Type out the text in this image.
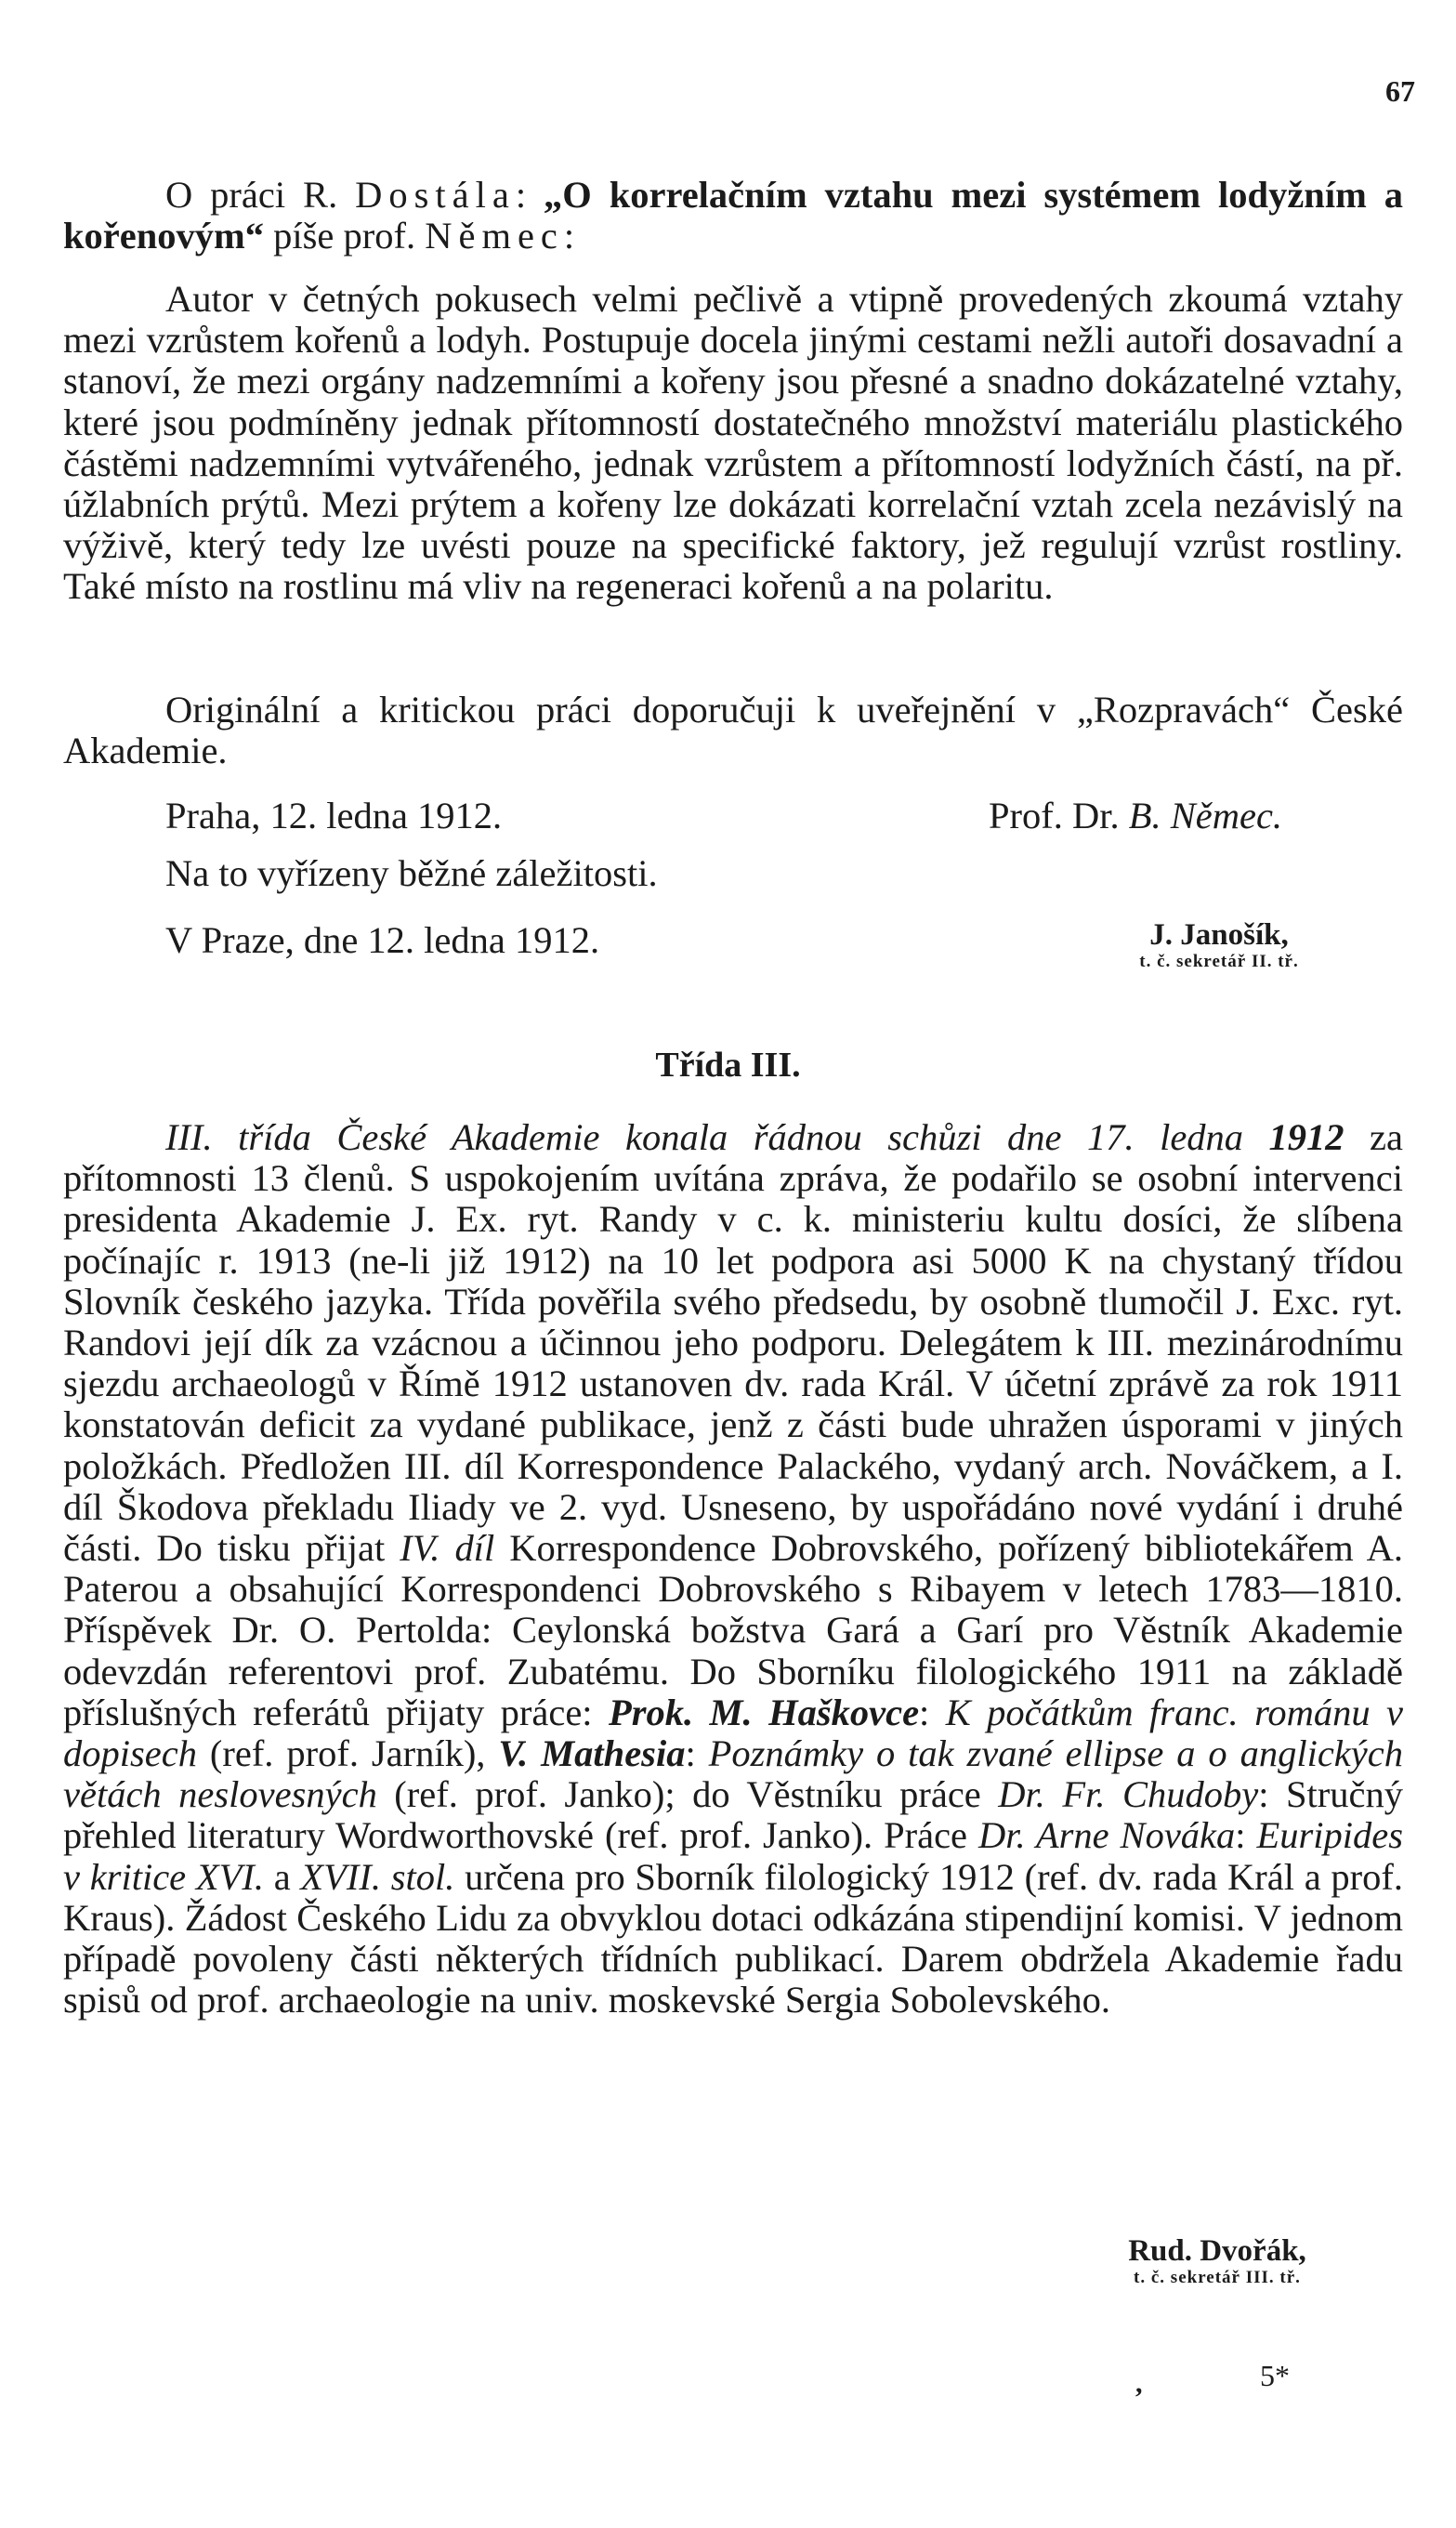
67

O práci R. Dostála: „O korrelačním vztahu mezi systémem lodyžním a kořenovým“ píše prof. Němec:

Autor v četných pokusech velmi pečlivě a vtipně provedených zkoumá vztahy mezi vzrůstem kořenů a lodyh. Postupuje docela jinými cestami nežli autoři dosavadní a stanoví, že mezi orgány nadzemními a kořeny jsou přesné a snadno dokázatelné vztahy, které jsou podmíněny jednak přítomností dostatečného množství materiálu plastického částěmi nadzemními vytvářeného, jednak vzrůstem a přítomností lodyžních částí, na př. úžlabních prýtů. Mezi prýtem a kořeny lze dokázati korrelační vztah zcela nezávislý na výživě, který tedy lze uvésti pouze na specifické faktory, jež regulují vzrůst rostliny. Také místo na rostlinu má vliv na regeneraci kořenů a na polaritu.

Originální a kritickou práci doporučuji k uveřejnění v „Rozpravách“ České Akademie.

Praha, 12. ledna 1912.	Prof. Dr. B. Němec.
Na to vyřízeny běžné záležitosti.
V Praze, dne 12. ledna 1912.	J. Janošík,
t. č. sekretář II. tř.
Třída III.

III. třída České Akademie konala řádnou schůzi dne 17. ledna 1912 za přítomnosti 13 členů. S uspokojením uvítána zpráva, že podařilo se osobní intervenci presidenta Akademie J. Ex. ryt. Randy v c. k. ministeriu kultu dosíci, že slíbena počínajíc r. 1913 (ne-li již 1912) na 10 let podpora asi 5000 K na chystaný třídou Slovník českého jazyka. Třída pověřila svého předsedu, by osobně tlumočil J. Exc. ryt. Randovi její dík za vzácnou a účinnou jeho podporu. Delegátem k III. mezinárodnímu sjezdu archaeologů v Římě 1912 ustanoven dv. rada Král. V účetní zprávě za rok 1911 konstatován deficit za vydané publikace, jenž z části bude uhražen úsporami v jiných položkách. Předložen III. díl Korrespondence Palackého, vydaný arch. Nováčkem, a I. díl Škodova překladu Iliady ve 2. vyd. Usneseno, by uspořádáno nové vydání i druhé části. Do tisku přijat IV. díl Korrespondence Dobrovského, pořízený bibliotekářem A. Paterou a obsahující Korrespondenci Dobrovského s Ribayem v letech 1783—1810. Příspěvek Dr. O. Pertolda: Ceylonská božstva Gará a Garí pro Věstník Akademie odevzdán referentovi prof. Zubatému. Do Sborníku filologického 1911 na základě příslušných referátů přijaty práce: Prok. M. Haškovce: K počátkům franc. románu v dopisech (ref. prof. Jarník), V. Mathesia: Poznámky o tak zvané ellipse a o anglických větách neslovesných (ref. prof. Janko); do Věstníku práce Dr. Fr. Chudoby: Stručný přehled literatury Wordworthovské (ref. prof. Janko). Práce Dr. Arne Nováka: Euripides v kritice XVI. a XVII. stol. určena pro Sborník filologický 1912 (ref. dv. rada Král a prof. Kraus). Žádost Českého Lidu za obvyklou dotaci odkázána stipendijní komisi. V jednom případě povoleny části některých třídních publikací. Darem obdržela Akademie řadu spisů od prof. archaeologie na univ. moskevské Sergia Sobolevského.

Rud. Dvořák,
t. č. sekretář III. tř.
,	5*
